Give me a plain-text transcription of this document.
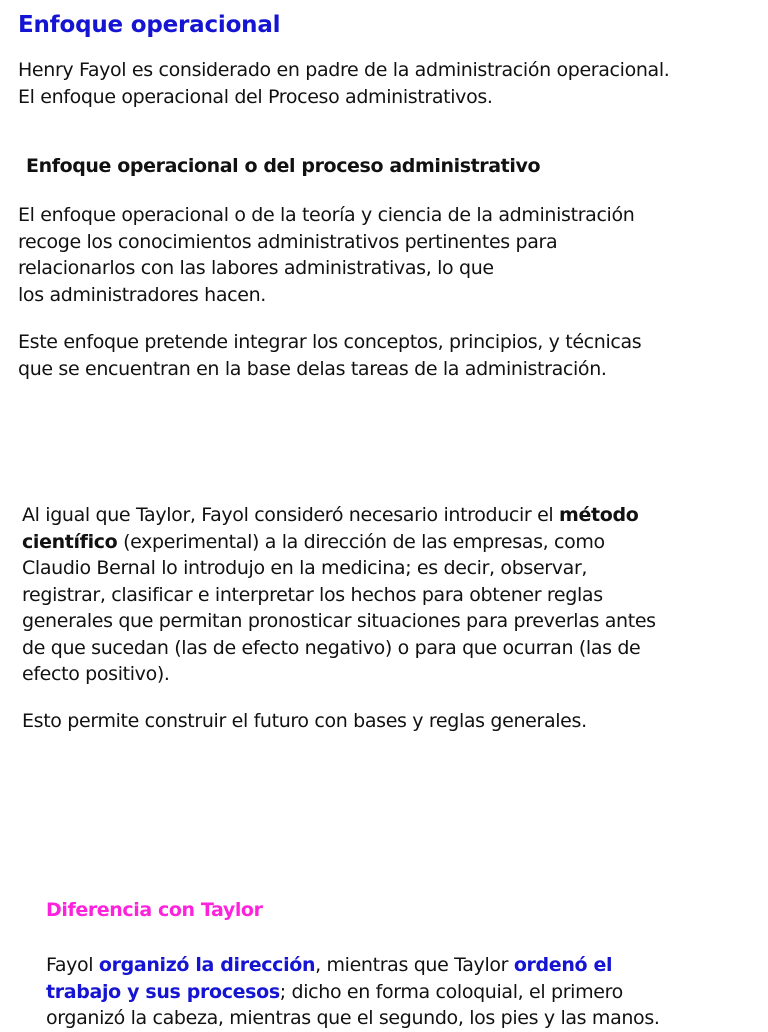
Enfoque operacional

Henry Fayol es considerado en padre de la administración operacional.
El enfoque operacional del Proceso administrativos.

Enfoque operacional o del proceso administrativo

El enfoque operacional o de la teoría y ciencia de la administración
recoge los conocimientos administrativos pertinentes para
relacionarlos con las labores administrativas, lo que
los administradores hacen.

Este enfoque pretende integrar los conceptos, principios, y técnicas
que se encuentran en la base delas tareas de la administración.

Al igual que Taylor, Fayol consideró necesario introducir el método
científico (experimental) a la dirección de las empresas, como
Claudio Bernal lo introdujo en la medicina; es decir, observar,
registrar, clasificar e interpretar los hechos para obtener reglas
generales que permitan pronosticar situaciones para preverlas antes
de que sucedan (las de efecto negativo) o para que ocurran (las de
efecto positivo).

Esto permite construir el futuro con bases y reglas generales.

Diferencia con Taylor

Fayol organizó la dirección, mientras que Taylor ordenó el
trabajo y sus procesos; dicho en forma coloquial, el primero
organizó la cabeza, mientras que el segundo, los pies y las manos.
